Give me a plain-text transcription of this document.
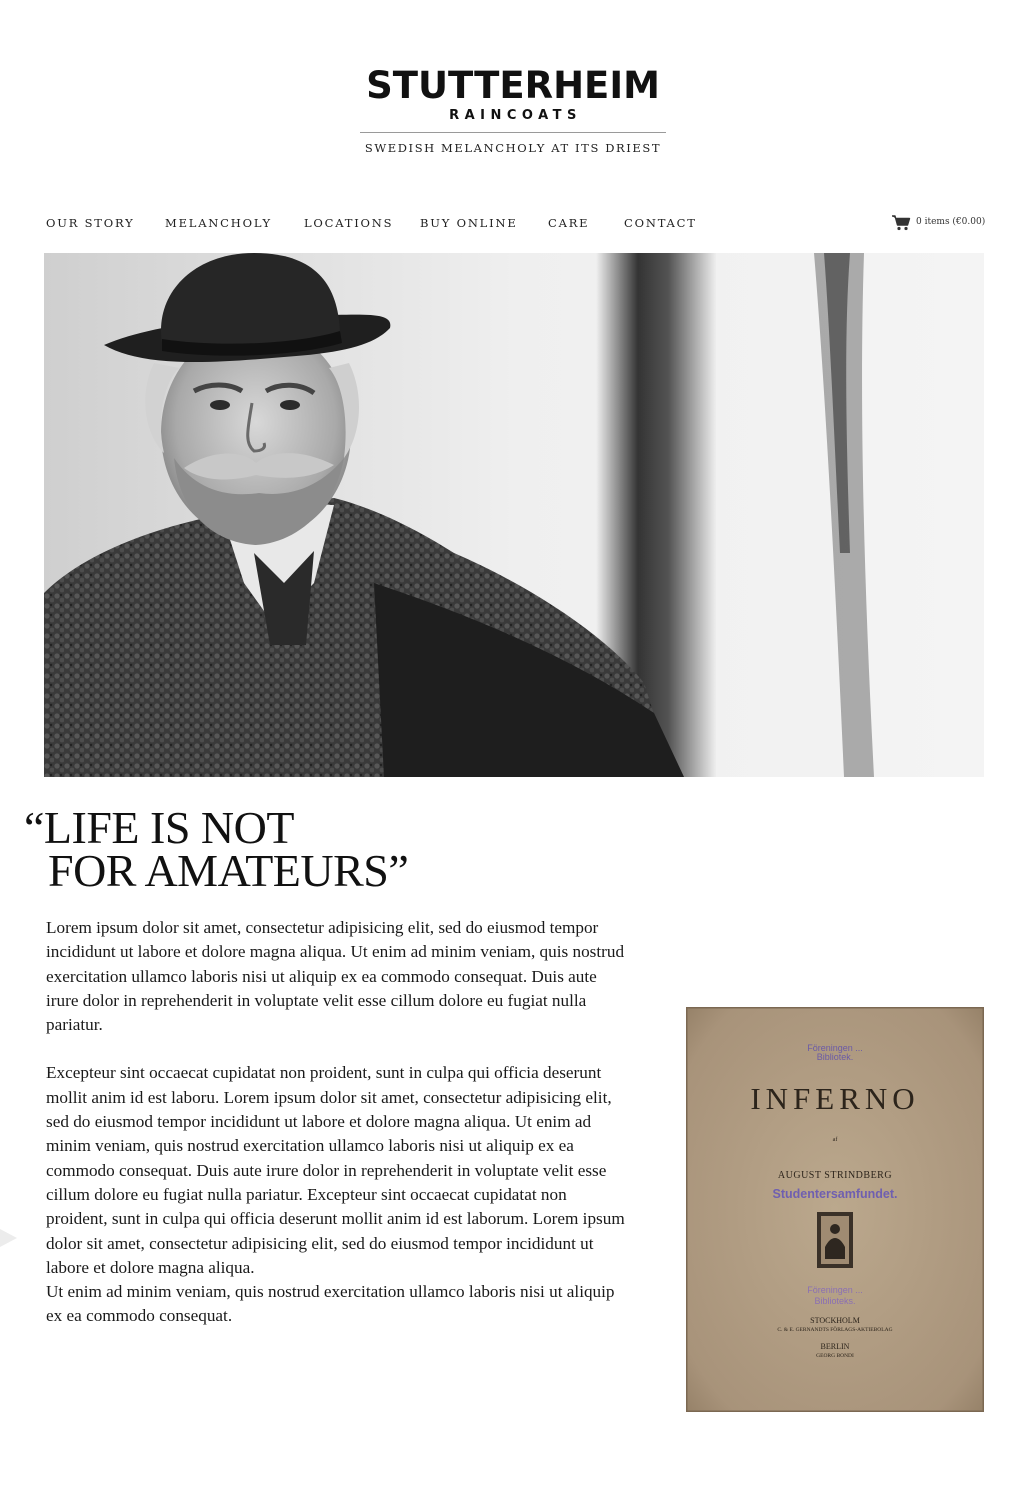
STUTTERHEIM
RAINCOATS
SWEDISH MELANCHOLY AT ITS DRIEST
OUR STORY	MELANCHOLY	LOCATIONS BUY ONLINE	CARE	CONTACT	0 items (€0.00)
“LIFE IS NOT
FOR AMATEURS”

Lorem ipsum dolor sit amet, consectetur adipisicing elit, sed do eiusmod tempor incididunt ut labore et dolore magna aliqua. Ut enim ad minim veniam, quis nostrud exercitation ullamco laboris nisi ut aliquip ex ea commodo consequat. Duis aute irure dolor in reprehenderit in voluptate velit esse cillum dolore eu fugiat nulla pariatur.

Excepteur sint occaecat cupidatat non proident, sunt in culpa qui officia deserunt mollit anim id est laboru. Lorem ipsum dolor sit amet, consectetur adipisicing elit, sed do eiusmod tempor incididunt ut labore et dolore magna aliqua. Ut enim ad minim veniam, quis nostrud exercitation ullamco laboris nisi ut aliquip ex ea commodo consequat. Duis aute irure dolor in reprehenderit in voluptate velit esse cillum dolore eu fugiat nulla pariatur. Excepteur sint occaecat cupidatat non proident, sunt in culpa qui officia deserunt mollit anim id est laborum. Lorem ipsum dolor sit amet, consectetur adipisicing elit, sed do eiusmod tempor incididunt ut labore et dolore magna aliqua.

Ut enim ad minim veniam, quis nostrud exercitation ullamco laboris nisi ut aliquip ex ea commodo consequat.

Föreningen ...
Bibliotek.
INFERNO
af
AUGUST STRINDBERG
Studentersamfundet.
Föreningen ...
Biblioteks.
STOCKHOLM
C. & E. GERNANDTS FÖRLAGS-AKTIEBOLAG
BERLIN
GEORG BONDI
